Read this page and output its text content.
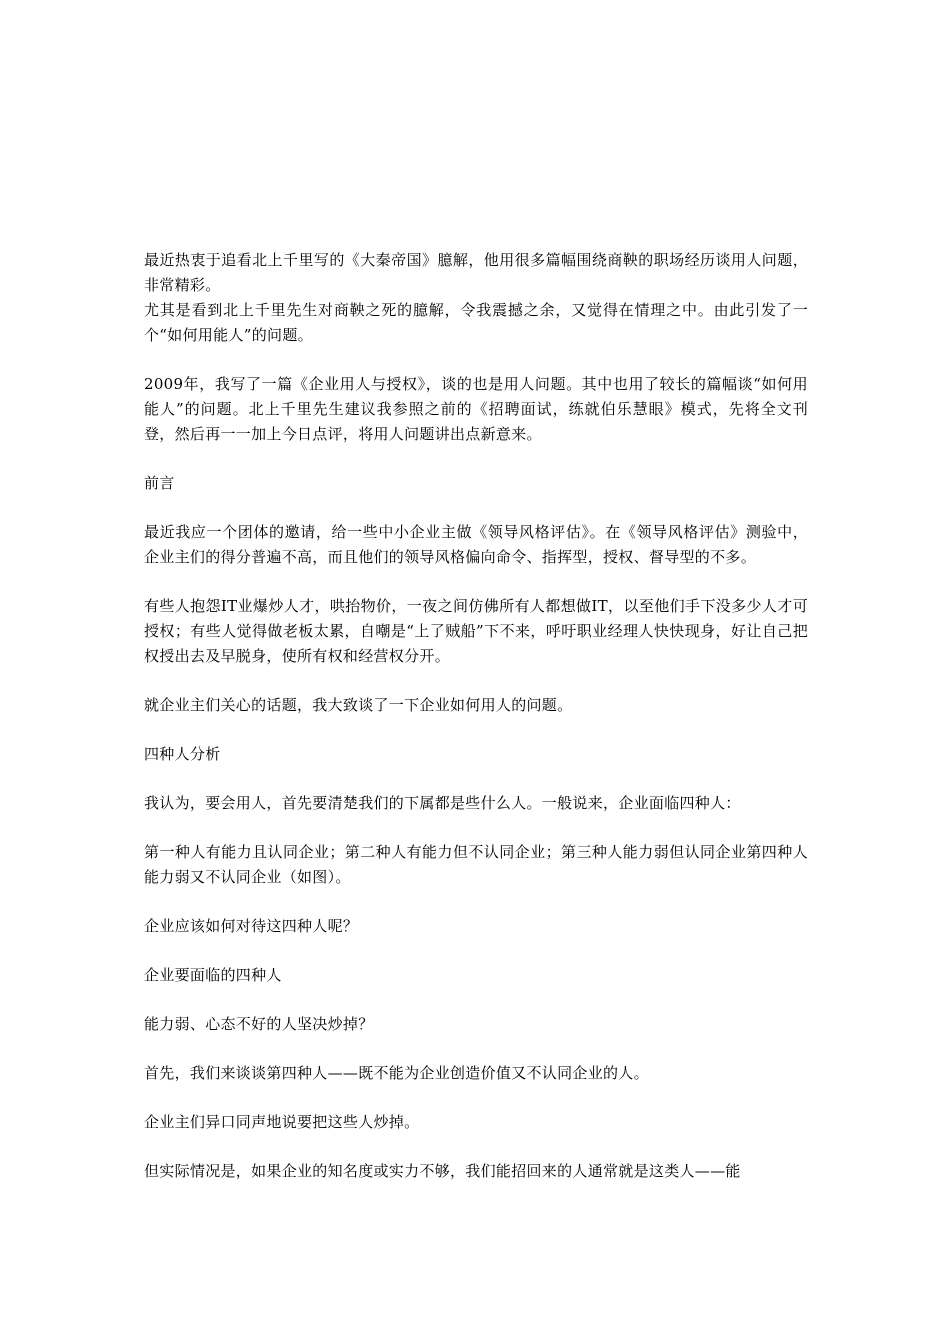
最近热衷于追看北上千里写的《大秦帝国》臆解，他用很多篇幅围绕商鞅的职场经历谈用人问题，非常精彩。

尤其是看到北上千里先生对商鞅之死的臆解，令我震撼之余，又觉得在情理之中。由此引发了一个“如何用能人”的问题。

2009年，我写了一篇《企业用人与授权》，谈的也是用人问题。其中也用了较长的篇幅谈“如何用能人”的问题。北上千里先生建议我参照之前的《招聘面试，练就伯乐慧眼》模式，先将全文刊登，然后再一一加上今日点评，将用人问题讲出点新意来。

前言

最近我应一个团体的邀请，给一些中小企业主做《领导风格评估》。在《领导风格评估》测验中，企业主们的得分普遍不高，而且他们的领导风格偏向命令、指挥型，授权、督导型的不多。

有些人抱怨IT业爆炒人才，哄抬物价，一夜之间仿佛所有人都想做IT，以至他们手下没多少人才可授权；有些人觉得做老板太累，自嘲是“上了贼船”下不来，呼吁职业经理人快快现身，好让自己把权授出去及早脱身，使所有权和经营权分开。

就企业主们关心的话题，我大致谈了一下企业如何用人的问题。

四种人分析

我认为，要会用人，首先要清楚我们的下属都是些什么人。一般说来，企业面临四种人：

第一种人有能力且认同企业；第二种人有能力但不认同企业；第三种人能力弱但认同企业第四种人能力弱又不认同企业（如图）。

企业应该如何对待这四种人呢？

企业要面临的四种人

能力弱、心态不好的人坚决炒掉？

首先，我们来谈谈第四种人——既不能为企业创造价值又不认同企业的人。

企业主们异口同声地说要把这些人炒掉。

但实际情况是，如果企业的知名度或实力不够，我们能招回来的人通常就是这类人——能
